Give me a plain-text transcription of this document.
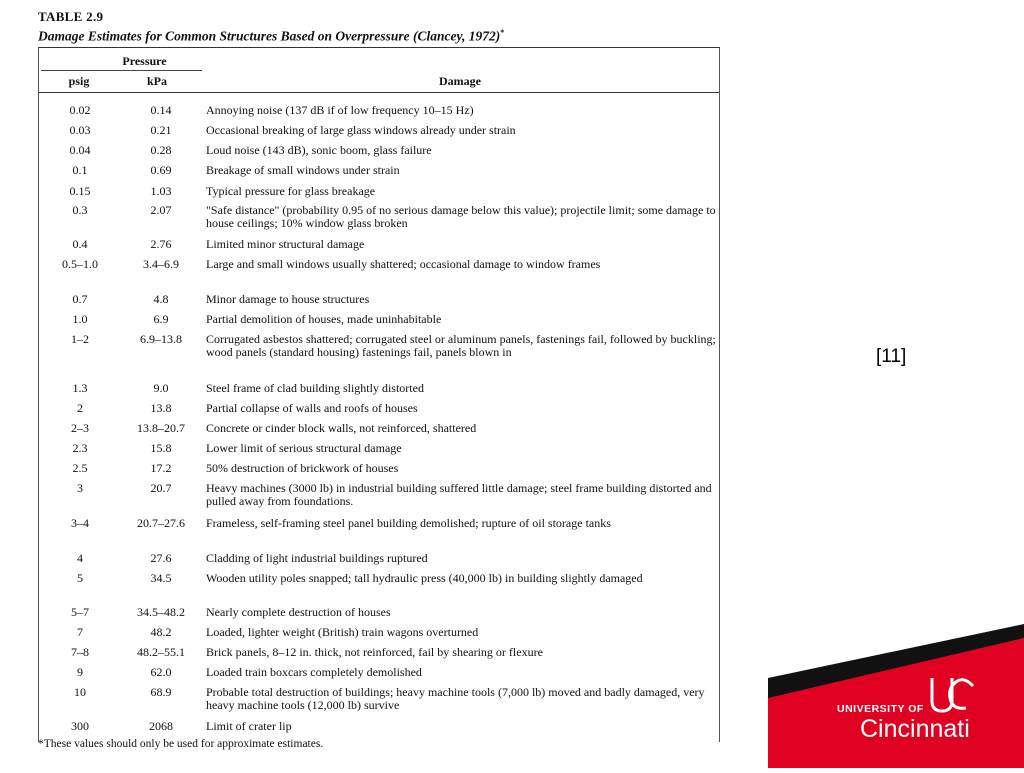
TABLE 2.9
Damage Estimates for Common Structures Based on Overpressure (Clancey, 1972)*
Pressure
psig	kPa	Damage
0.02	0.14	Annoying noise (137 dB if of low frequency 10–15 Hz)
0.03	0.21	Occasional breaking of large glass windows already under strain
0.04	0.28	Loud noise (143 dB), sonic boom, glass failure
0.1	0.69	Breakage of small windows under strain
0.15	1.03	Typical pressure for glass breakage
0.3	2.07	"Safe distance" (probability 0.95 of no serious damage below this value); projectile limit; some damage to house ceilings; 10% window glass broken
0.4	2.76	Limited minor structural damage
0.5–1.0	3.4–6.9	Large and small windows usually shattered; occasional damage to window frames
0.7	4.8	Minor damage to house structures
1.0	6.9	Partial demolition of houses, made uninhabitable
1–2	6.9–13.8	Corrugated asbestos shattered; corrugated steel or aluminum panels, fastenings fail, followed by buckling; wood panels (standard housing) fastenings fail, panels blown in
1.3	9.0	Steel frame of clad building slightly distorted
2	13.8	Partial collapse of walls and roofs of houses
2–3	13.8–20.7	Concrete or cinder block walls, not reinforced, shattered
2.3	15.8	Lower limit of serious structural damage
2.5	17.2	50% destruction of brickwork of houses
3	20.7	Heavy machines (3000 lb) in industrial building suffered little damage; steel frame building distorted and pulled away from foundations.
3–4	20.7–27.6	Frameless, self-framing steel panel building demolished; rupture of oil storage tanks
4	27.6	Cladding of light industrial buildings ruptured
5	34.5	Wooden utility poles snapped; tall hydraulic press (40,000 lb) in building slightly damaged
5–7	34.5–48.2	Nearly complete destruction of houses
7	48.2	Loaded, lighter weight (British) train wagons overturned
7–8	48.2–55.1	Brick panels, 8–12 in. thick, not reinforced, fail by shearing or flexure
9	62.0	Loaded train boxcars completely demolished
10	68.9	Probable total destruction of buildings; heavy machine tools (7,000 lb) moved and badly damaged, very heavy machine tools (12,000 lb) survive
300	2068	Limit of crater lip
*These values should only be used for approximate estimates.
[11]
UNIVERSITY OF
Cincinnati
